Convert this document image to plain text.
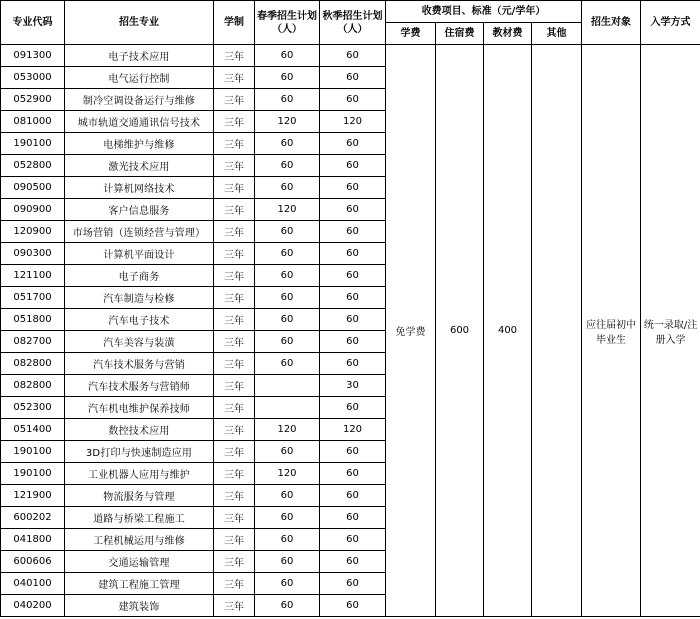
专业代码	招生专业	学制	春季招生计划（人）	秋季招生计划（人）	收费项目、标准（元/学年）				招生对象	入学方式
					学费	住宿费	教材费	其他		
091300	电子技术应用	三年	60	60	免学费	600	400		应往届初中毕业生	统一录取/注册入学
053000	电气运行控制	三年	60	60						
052900	制冷空调设备运行与维修	三年	60	60						
081000	城市轨道交通通讯信号技术	三年	120	120						
190100	电梯维护与维修	三年	60	60						
052800	激光技术应用	三年	60	60						
090500	计算机网络技术	三年	60	60						
090900	客户信息服务	三年	120	60						
120900	市场营销（连锁经营与管理）	三年	60	60						
090300	计算机平面设计	三年	60	60						
121100	电子商务	三年	60	60						
051700	汽车制造与检修	三年	60	60						
051800	汽车电子技术	三年	60	60						
082700	汽车美容与装潢	三年	60	60						
082800	汽车技术服务与营销	三年	60	60						
082800	汽车技术服务与营销师	三年		30						
052300	汽车机电维护保养技师	三年		60						
051400	数控技术应用	三年	120	120						
190100	3D打印与快速制造应用	三年	60	60						
190100	工业机器人应用与维护	三年	120	60						
121900	物流服务与管理	三年	60	60						
600202	道路与桥梁工程施工	三年	60	60						
041800	工程机械运用与维修	三年	60	60						
600606	交通运输管理	三年	60	60						
040100	建筑工程施工管理	三年	60	60						
040200	建筑装饰	三年	60	60						
